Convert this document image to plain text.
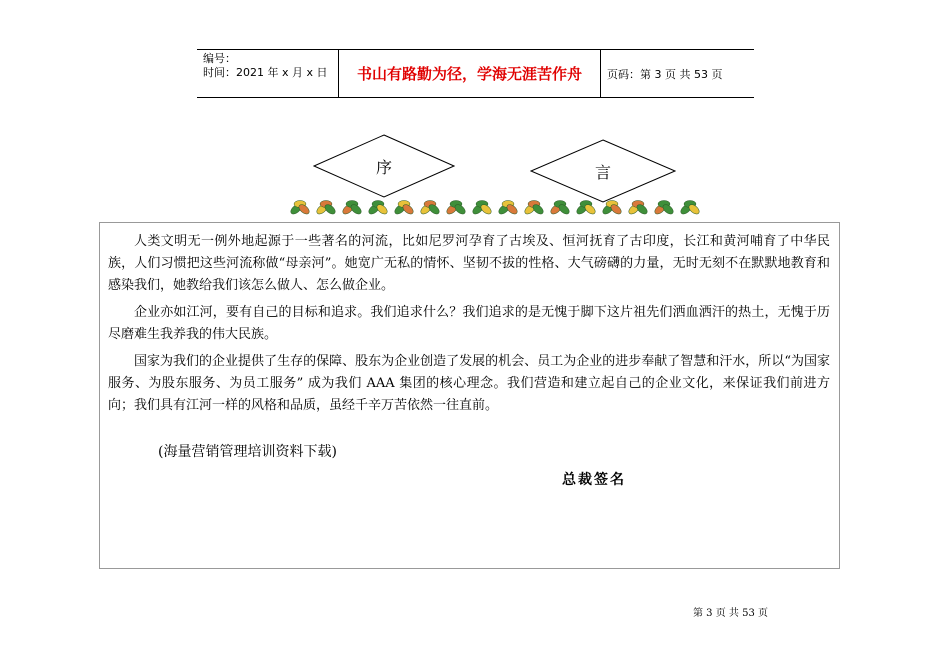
编号：
时间：2021 年 x 月 x 日	书山有路勤为径，学海无涯苦作舟	页码：第 3 页 共 53 页
序	言

人类文明无一例外地起源于一些著名的河流，比如尼罗河孕育了古埃及、恒河抚育了古印度，长江和黄河哺育了中华民族，人们习惯把这些河流称做“母亲河”。她宽广无私的情怀、坚韧不拔的性格、大气磅礴的力量，无时无刻不在默默地教育和感染我们，她教给我们该怎么做人、怎么做企业。

企业亦如江河，要有自己的目标和追求。我们追求什么？我们追求的是无愧于脚下这片祖先们洒血洒汗的热土，无愧于历尽磨难生我养我的伟大民族。

国家为我们的企业提供了生存的保障、股东为企业创造了发展的机会、员工为企业的进步奉献了智慧和汗水，所以“为国家服务、为股东服务、为员工服务” 成为我们 AAA 集团的核心理念。我们营造和建立起自己的企业文化，来保证我们前进方向；我们具有江河一样的风格和品质，虽经千辛万苦依然一往直前。

(海量营销管理培训资料下载)
总裁签名
第 3 页 共 53 页
